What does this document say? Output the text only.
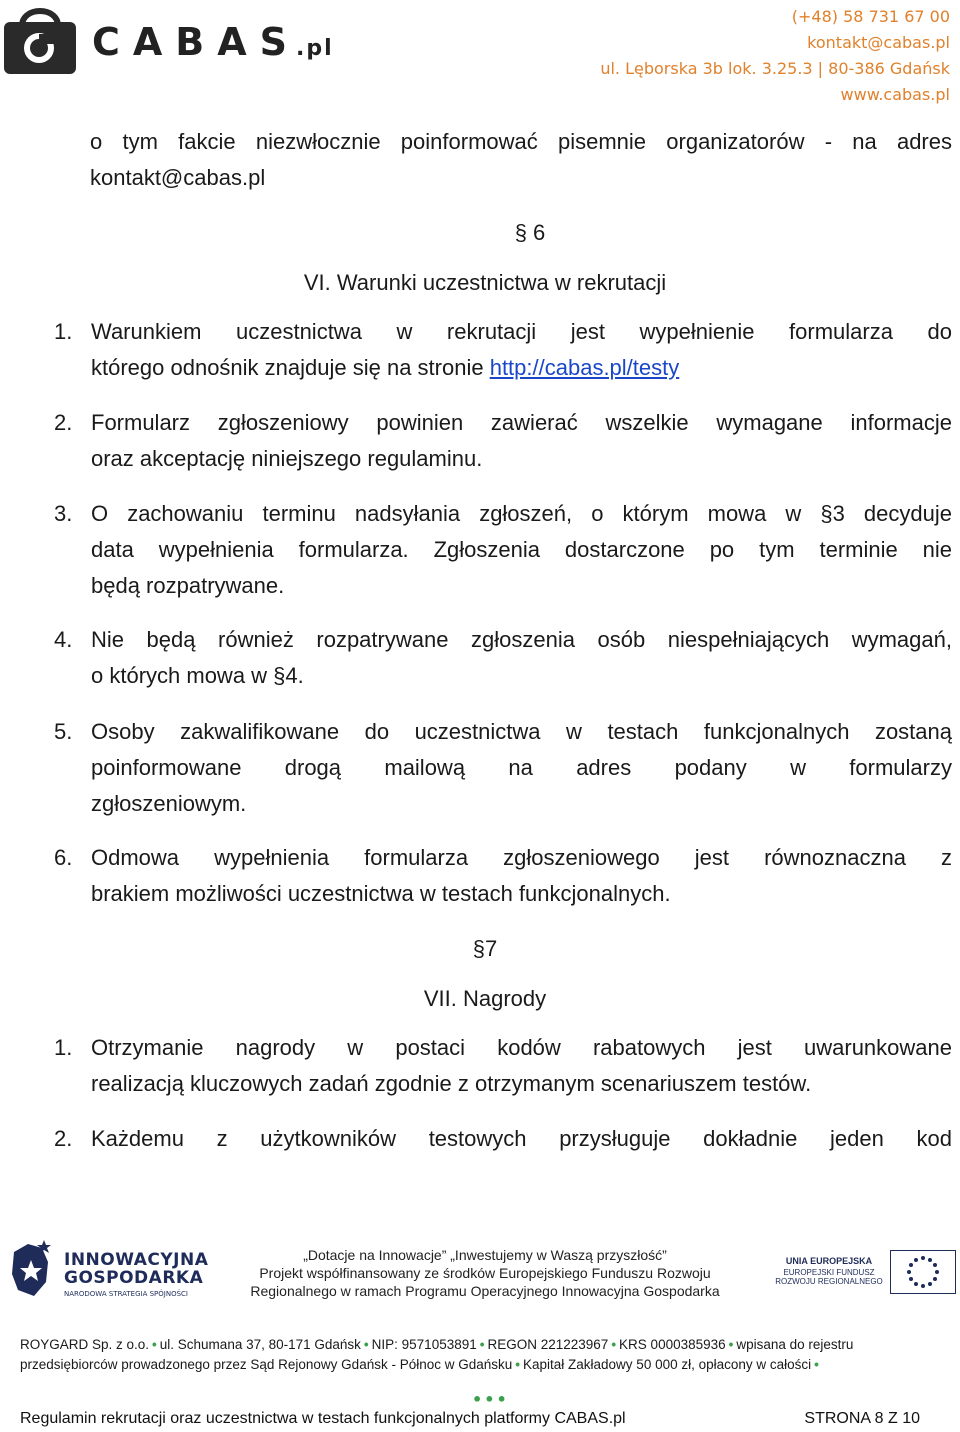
CABAS
.pl
(+48) 58 731 67 00
kontakt@cabas.pl
ul. Lęborska 3b lok. 3.25.3 | 80-386 Gdańsk
www.cabas.pl
o tym fakcie niezwłocznie poinformować pisemnie organizatorów - na adres
kontakt@cabas.pl
§ 6
VI. Warunki uczestnictwa w rekrutacji
1. Warunkiem uczestnictwa w rekrutacji jest wypełnienie formularza do
którego odnośnik znajduje się na stronie http://cabas.pl/testy
2. Formularz zgłoszeniowy powinien zawierać wszelkie wymagane informacje
oraz akceptację niniejszego regulaminu.
3. O zachowaniu terminu nadsyłania zgłoszeń, o którym mowa w §3 decyduje
data wypełnienia formularza. Zgłoszenia dostarczone po tym terminie nie
będą rozpatrywane.
4. Nie będą również rozpatrywane zgłoszenia osób niespełniających wymagań,
o których mowa w §4.
5. Osoby zakwalifikowane do uczestnictwa w testach funkcjonalnych zostaną
poinformowane drogą mailową na adres podany w formularzy
zgłoszeniowym.
6. Odmowa wypełnienia formularza zgłoszeniowego jest równoznaczna z
brakiem możliwości uczestnictwa w testach funkcjonalnych.
§7
VII. Nagrody
1. Otrzymanie nagrody w postaci kodów rabatowych jest uwarunkowane
realizacją kluczowych zadań zgodnie z otrzymanym scenariuszem testów.
2. Każdemu z użytkowników testowych przysługuje dokładnie jeden kod
INNOWACYJNA
GOSPODARKA
NARODOWA STRATEGIA SPÓJNOŚCI
„Dotacje na Innowacje” „Inwestujemy w Waszą przyszłość”
Projekt współfinansowany ze środków Europejskiego Funduszu Rozwoju
Regionalnego w ramach Programu Operacyjnego Innowacyjna Gospodarka
UNIA EUROPEJSKA
EUROPEJSKI FUNDUSZ
ROZWOJU REGIONALNEGO
ROYGARD Sp. z o.o. • ul. Schumana 37, 80-171 Gdańsk • NIP: 9571053891 • REGON 221223967 • KRS 0000385936 • wpisana do rejestru
przedsiębiorców prowadzonego przez Sąd Rejonowy Gdańsk - Północ w Gdańsku • Kapitał Zakładowy 50 000 zł, opłacony w całości •
•••
Regulamin rekrutacji oraz uczestnictwa w testach funkcjonalnych platformy CABAS.pl	STRONA 8 Z 10
